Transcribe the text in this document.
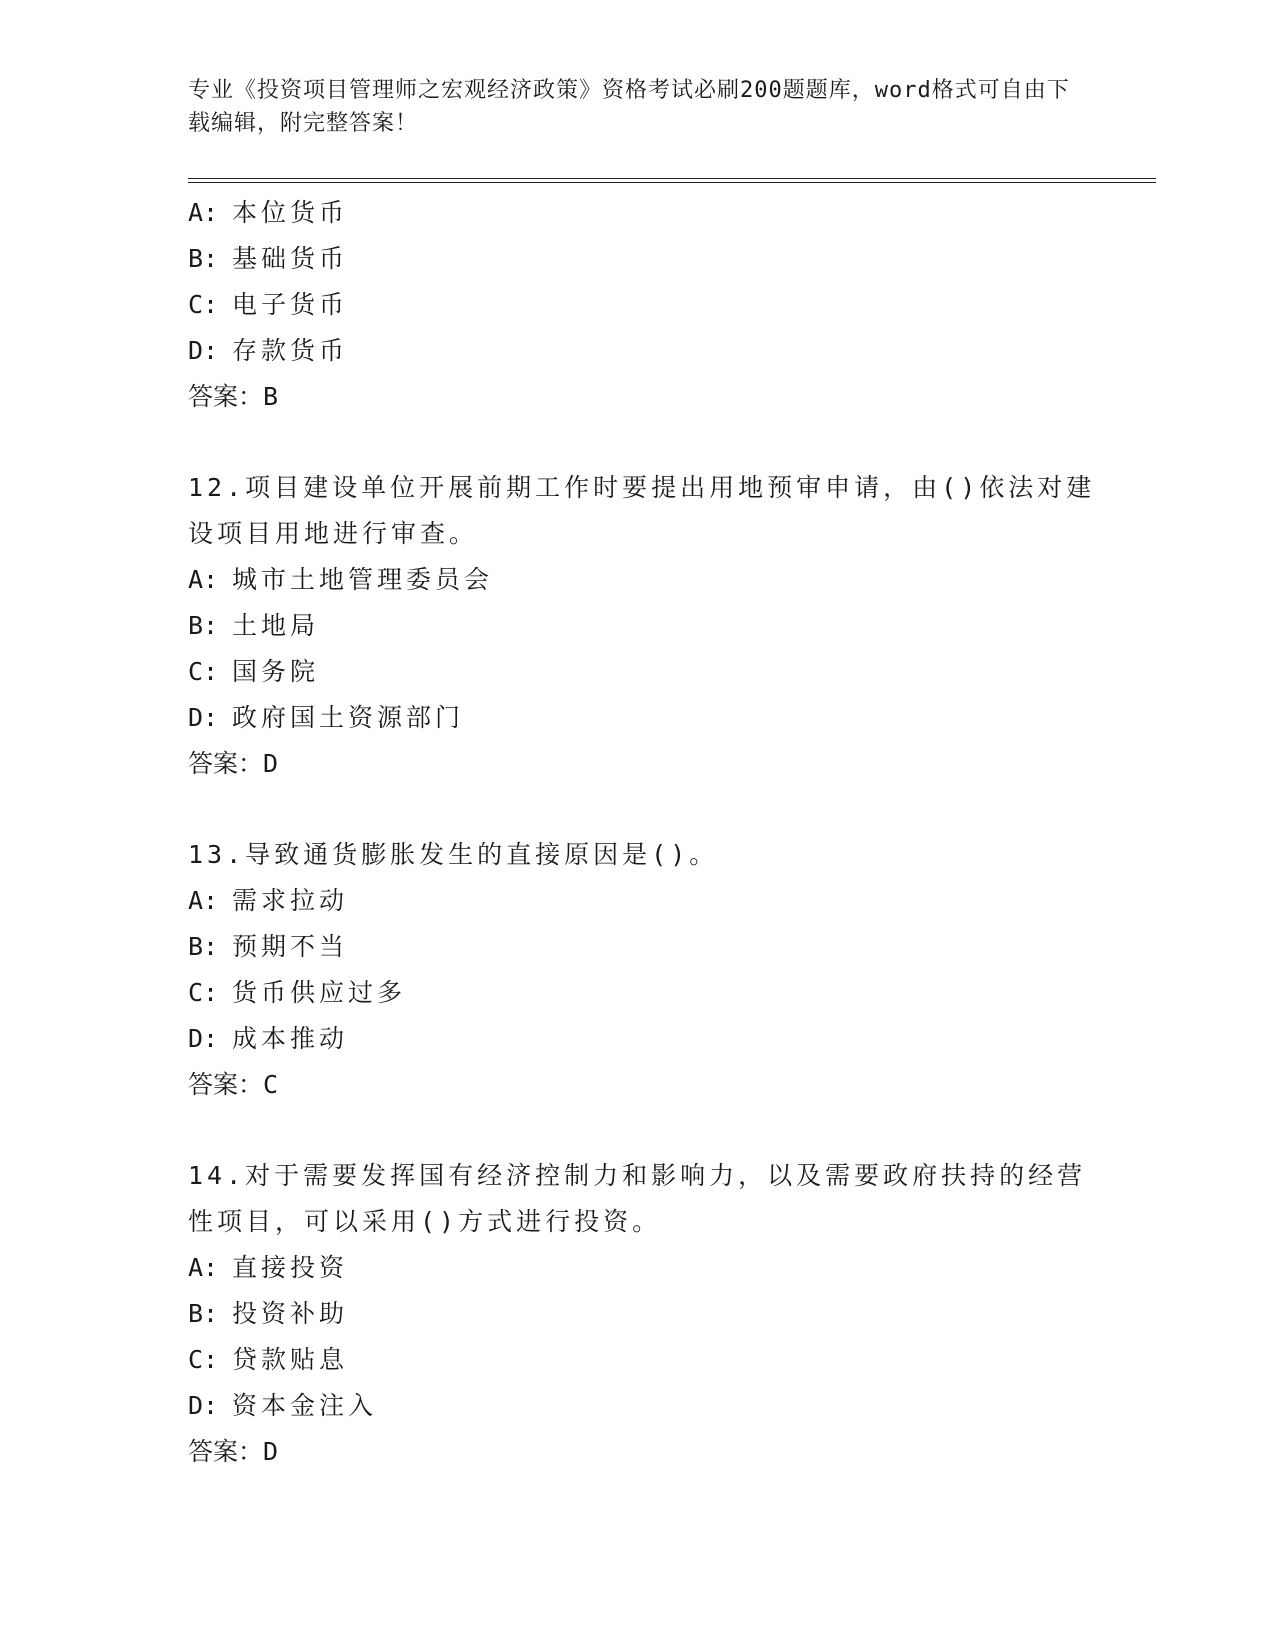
专业《投资项目管理师之宏观经济政策》资格考试必刷200题题库，word格式可自由下载编辑，附完整答案！
A: 本位货币
B: 基础货币
C: 电子货币
D: 存款货币
答案：B
12.项目建设单位开展前期工作时要提出用地预审申请，由()依法对建
设项目用地进行审查。
A: 城市土地管理委员会
B: 土地局
C: 国务院
D: 政府国土资源部门
答案：D
13.导致通货膨胀发生的直接原因是()。
A: 需求拉动
B: 预期不当
C: 货币供应过多
D: 成本推动
答案：C
14.对于需要发挥国有经济控制力和影响力，以及需要政府扶持的经营
性项目，可以采用()方式进行投资。
A: 直接投资
B: 投资补助
C: 贷款贴息
D: 资本金注入
答案：D
